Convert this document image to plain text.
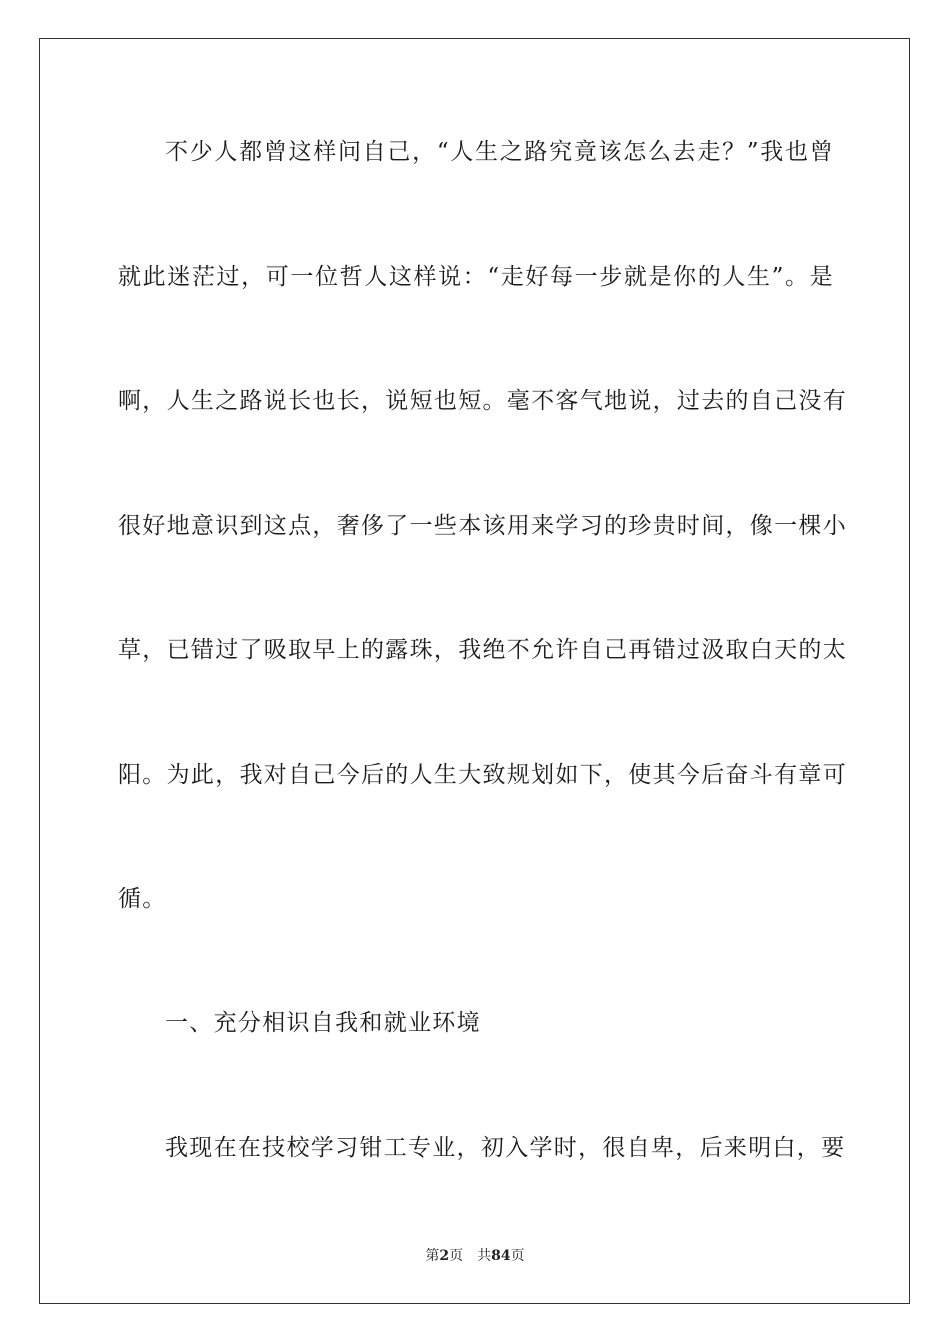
不少人都曾这样问自己，“人生之路究竟该怎么去走？”我也曾
就此迷茫过，可一位哲人这样说：“走好每一步就是你的人生”。是
啊，人生之路说长也长，说短也短。毫不客气地说，过去的自己没有
很好地意识到这点，奢侈了一些本该用来学习的珍贵时间，像一棵小
草，已错过了吸取早上的露珠，我绝不允许自己再错过汲取白天的太
阳。为此，我对自己今后的人生大致规划如下，使其今后奋斗有章可
循。
一、充分相识自我和就业环境
我现在在技校学习钳工专业，初入学时，很自卑，后来明白，要
第2页 共84页
